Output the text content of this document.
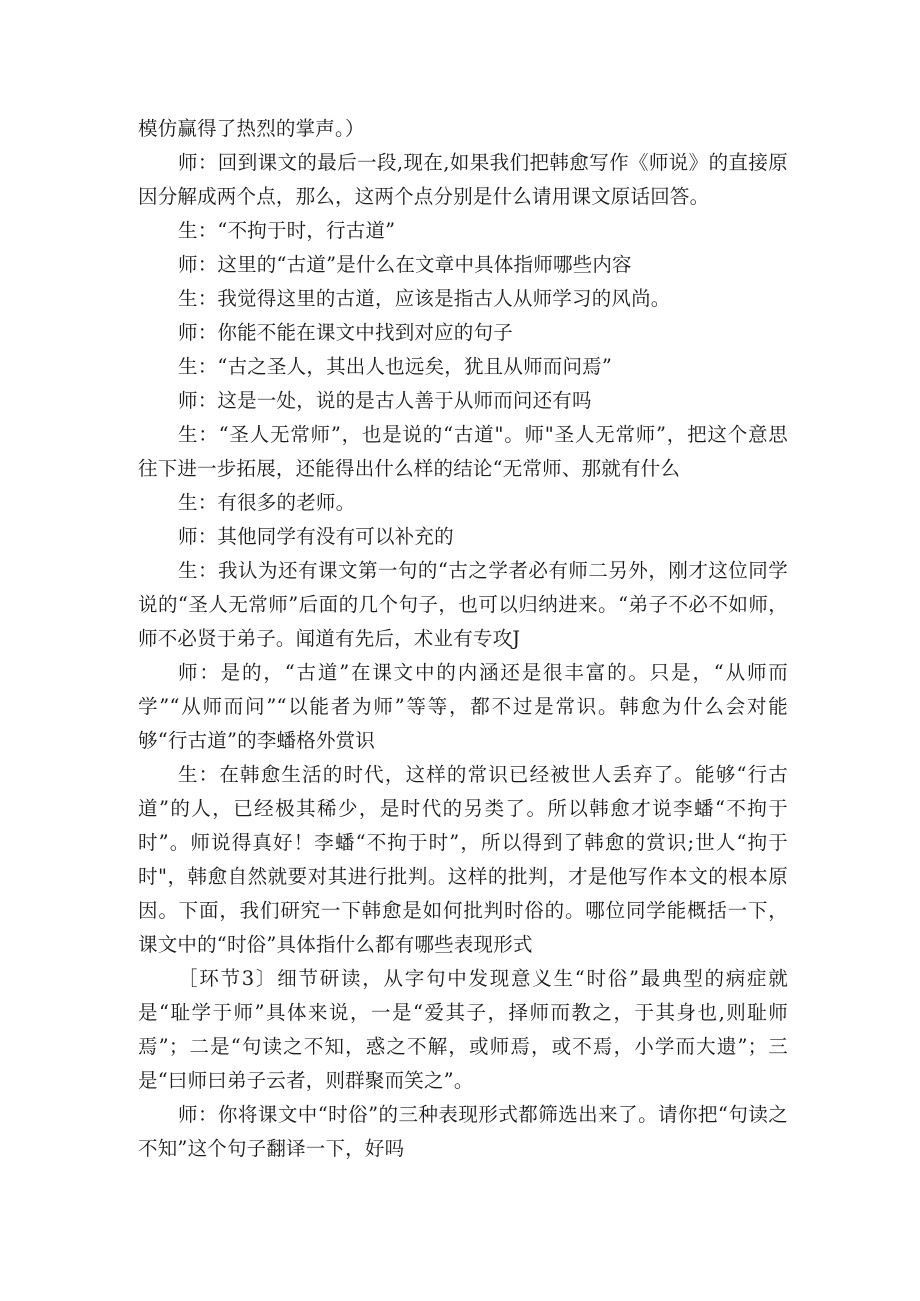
模仿赢得了热烈的掌声。）

师：回到课文的最后一段,现在,如果我们把韩愈写作《师说》的直接原因分解成两个点，那么，这两个点分别是什么请用课文原话回答。

生：“不拘于时，行古道”

师：这里的“古道”是什么在文章中具体指师哪些内容

生：我觉得这里的古道，应该是指古人从师学习的风尚。

师：你能不能在课文中找到对应的句子

生：“古之圣人，其出人也远矣，犹且从师而问焉”

师：这是一处，说的是古人善于从师而问还有吗

生：“圣人无常师”，也是说的“古道"。师"圣人无常师”，把这个意思往下进一步拓展，还能得出什么样的结论“无常师、那就有什么

生：有很多的老师。

师：其他同学有没有可以补充的

生：我认为还有课文第一句的“古之学者必有师二另外，刚才这位同学说的“圣人无常师”后面的几个句子，也可以归纳进来。“弟子不必不如师，师不必贤于弟子。闻道有先后，术业有专攻J

师：是的，“古道”在课文中的内涵还是很丰富的。只是，“从师而学”“从师而问”“以能者为师”等等，都不过是常识。韩愈为什么会对能够“行古道”的李蟠格外赏识

生：在韩愈生活的时代，这样的常识已经被世人丢弃了。能够“行古道”的人，已经极其稀少，是时代的另类了。所以韩愈才说李蟠“不拘于时”。师说得真好！李蟠“不拘于时”，所以得到了韩愈的赏识;世人“拘于时"，韩愈自然就要对其进行批判。这样的批判，才是他写作本文的根本原因。下面，我们研究一下韩愈是如何批判时俗的。哪位同学能概括一下，课文中的“时俗”具体指什么都有哪些表现形式

［环节3〕细节研读，从字句中发现意义生“时俗”最典型的病症就是“耻学于师”具体来说，一是“爱其子，择师而教之，于其身也,则耻师焉”；二是“句读之不知，惑之不解，或师焉，或不焉，小学而大遗”；三是“曰师曰弟子云者，则群聚而笑之”。

师：你将课文中“时俗”的三种表现形式都筛选出来了。请你把“句读之不知”这个句子翻译一下，好吗
